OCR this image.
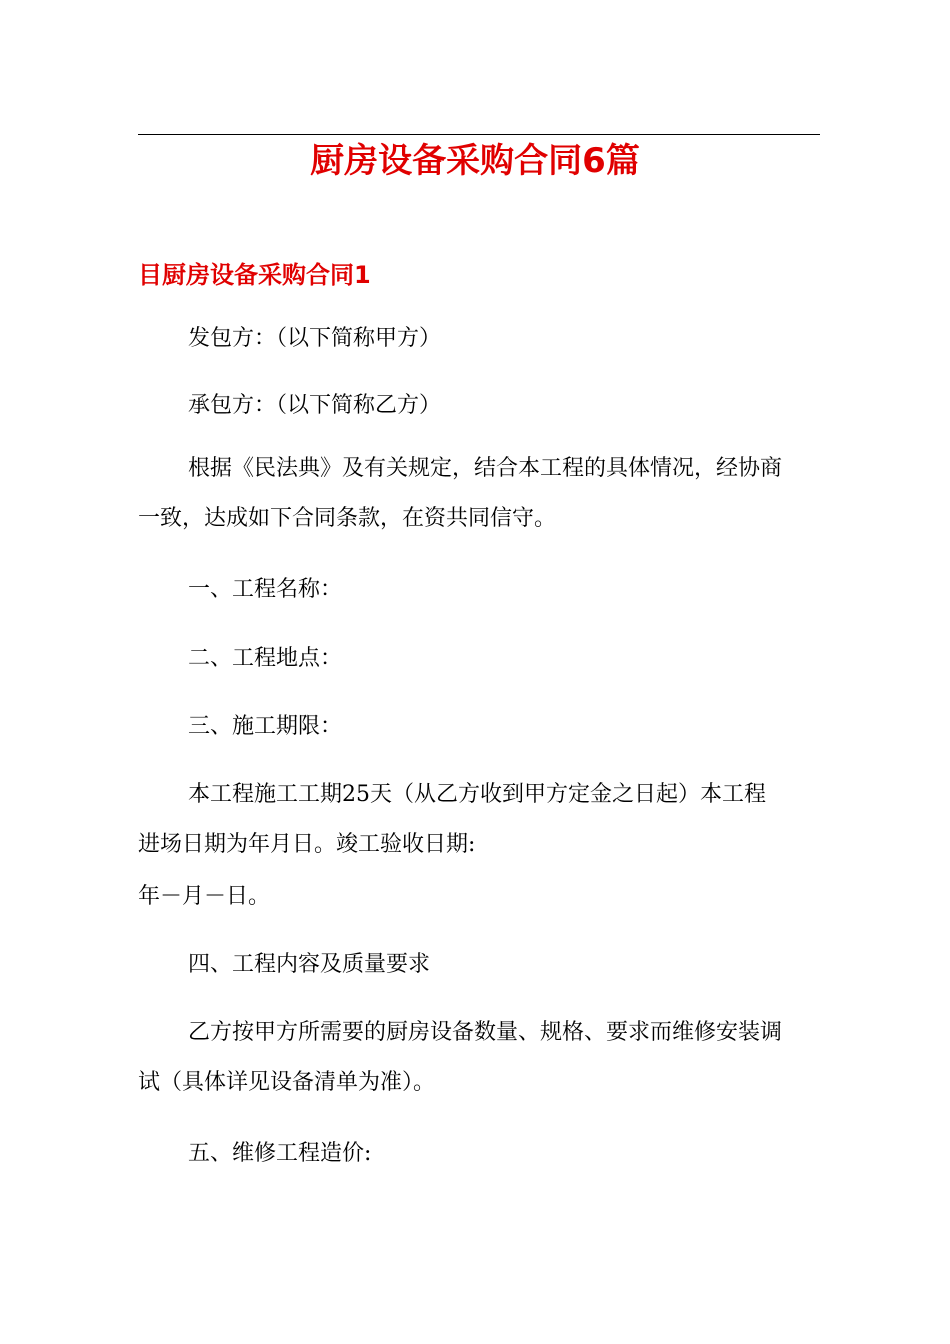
厨房设备采购合同6篇
目厨房设备采购合同1
发包方：（以下简称甲方）
承包方：（以下简称乙方）
根据《民法典》及有关规定，结合本工程的具体情况，经协商
一致，达成如下合同条款，在资共同信守。
一、工程名称：
二、工程地点：
三、施工期限：
本工程施工工期25天（从乙方收到甲方定金之日起）本工程
进场日期为年月日。竣工验收日期:
年－月－日。
四、工程内容及质量要求
乙方按甲方所需要的厨房设备数量、规格、要求而维修安装调
试（具体详见设备清单为准）。
五、维修工程造价:
